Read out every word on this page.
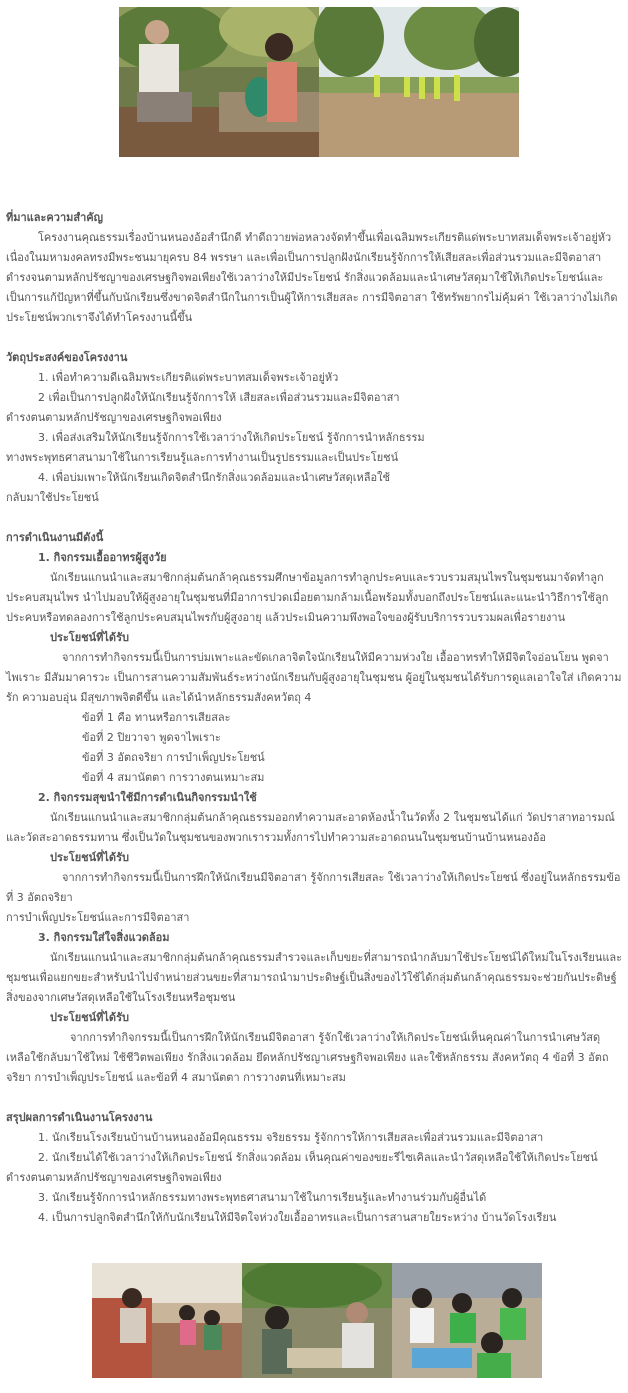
ที่มาและความสำคัญ
โครงงานคุณธรรมเรื่องบ้านหนองอ้อสำนึกดี ทำดีถวายพ่อหลวงจัดทำขึ้นเพื่อเฉลิมพระเกียรติแด่พระบาทสมเด็จพระเจ้าอยู่หัว เนื่องในมหามงคลทรงมีพระชนมายุครบ 84 พรรษา และเพื่อเป็นการปลูกฝังนักเรียนรู้จักการให้เสียสละเพื่อส่วนรวมและมีจิตอาสา ดำรงจนตามหลักปรัชญาของเศรษฐกิจพอเพียงใช้เวลาว่างให้มีประโยชน์ รักสิ่งแวดล้อมและนำเศษวัสดุมาใช้ให้เกิดประโยชน์และเป็นการแก้ปัญหาที่ขึ้นกับนักเรียนซึ่งขาดจิตสำนึกในการเป็นผู้ให้การเสียสละ การมีจิตอาสา ใช้ทรัพยากรไม่คุ้มค่า ใช้เวลาว่างไม่เกิดประโยชน์พวกเราจึงได้ทำโครงงานนี้ขึ้น
วัตถุประสงค์ของโครงงาน
1. เพื่อทำความดีเฉลิมพระเกียรติแด่พระบาทสมเด็จพระเจ้าอยู่หัว
2 เพื่อเป็นการปลูกฝังให้นักเรียนรู้จักการให้ เสียสละเพื่อส่วนรวมและมีจิตอาสา
ดำรงตนตามหลักปรัชญาของเศรษฐกิจพอเพียง
3. เพื่อส่งเสริมให้นักเรียนรู้จักการใช้เวลาว่างให้เกิดประโยชน์ รู้จักการนำหลักธรรม
ทางพระพุทธศาสนามาใช้ในการเรียนรู้และการทำงานเป็นรูปธรรมและเป็นประโยชน์
4. เพื่อบ่มเพาะให้นักเรียนเกิดจิตสำนึกรักสิ่งแวดล้อมและนำเศษวัสดุเหลือใช้
กลับมาใช้ประโยชน์
การดำเนินงานมีดังนี้
1. กิจกรรมเอื้ออาทรผู้สูงวัย
นักเรียนแกนนำและสมาชิกกลุ่มต้นกล้าคุณธรรมศึกษาข้อมูลการทำลูกประคบและรวบรวมสมุนไพรในชุมชนมาจัดทำลูกประคบสมุนไพร นำไปมอบให้ผู้สูงอายุในชุมชนที่มีอาการปวดเมื่อยตามกล้ามเนื้อพร้อมทั้งบอกถึงประโยชน์และแนะนำวิธีการใช้ลูกประคบหรือทดลองการใช้ลูกประคบสมุนไพรกับผู้สูงอายุ แล้วประเมินความพึงพอใจของผู้รับบริการรวบรวมผลเพื่อรายงาน
ประโยชน์ที่ได้รับ
จากการทำกิจกรรมนี้เป็นการบ่มเพาะและขัดเกลาจิตใจนักเรียนให้มีความห่วงใย เอื้ออาทรทำให้มีจิตใจอ่อนโยน พูดจาไพเราะ มีสัมมาคารวะ เป็นการสานความสัมพันธ์ระหว่างนักเรียนกับผู้สูงอายุในชุมชน ผู้อยู่ในชุมชนได้รับการดูแลเอาใจใส่ เกิดความรัก ความอบอุ่น มีสุขภาพจิตดีขึ้น และได้นำหลักธรรมสังคหวัตถุ 4
ข้อที่ 1 คือ ทานหรือการเสียสละ
ข้อที่ 2 ปิยวาจา พูดจาไพเราะ
ข้อที่ 3 อัตถจริยา การบำเพ็ญประโยชน์
ข้อที่ 4 สมานัตตา การวางตนเหมาะสม
2. กิจกรรมสุขนำใช้มีการดำเนินกิจกรรมนำใช้
นักเรียนแกนนำและสมาชิกกลุ่มต้นกล้าคุณธรรมออกทำความสะอาดห้องน้ำในวัดทั้ง 2 ในชุมชนได้แก่ วัดปราสาทอารมณ์ และวัดสะอาดธรรมทาน ซึ่งเป็นวัดในชุมชนของพวกเรารวมทั้งการไปทำความสะอาดถนนในชุมชนบ้านบ้านหนองอ้อ
ประโยชน์ที่ได้รับ
จากการทำกิจกรรมนี้เป็นการฝึกให้นักเรียนมีจิตอาสา รู้จักการเสียสละ ใช้เวลาว่างให้เกิดประโยชน์ ซึ่งอยู่ในหลักธรรมข้อที่ 3 อัตถจริยา
การบำเพ็ญประโยชน์และการมีจิตอาสา
3. กิจกรรมใส่ใจสิ่งแวดล้อม
นักเรียนแกนนำและสมาชิกกลุ่มต้นกล้าคุณธรรมสำรวจและเก็บขยะที่สามารถนำกลับมาใช้ประโยชน์ได้ใหม่ในโรงเรียนและชุมชนเพื่อแยกขยะสำหรับนำไปจำหน่ายส่วนขยะที่สามารถนำมาประดิษฐ์เป็นสิ่งของไว้ใช้ได้กลุ่มต้นกล้าคุณธรรมจะช่วยกันประดิษฐ์สิ่งของจากเศษวัสดุเหลือใช้ในโรงเรียนหรือชุมชน
ประโยชน์ที่ได้รับ
จากการทำกิจกรรมนี้เป็นการฝึกให้นักเรียนมีจิตอาสา รู้จักใช้เวลาว่างให้เกิดประโยชน์เห็นคุณค่าในการนำเศษวัสดุเหลือใช้กลับมาใช้ใหม่ ใช้ชีวิตพอเพียง รักสิ่งแวดล้อม ยึดหลักปรัชญาเศรษฐกิจพอเพียง และใช้หลักธรรม สังคหวัตถุ 4 ข้อที่ 3 อัตถจริยา การบำเพ็ญประโยชน์ และข้อที่ 4 สมานัตตา การวางตนที่เหมาะสม
สรุปผลการดำเนินงานโครงงาน
1. นักเรียนโรงเรียนบ้านบ้านหนองอ้อมีคุณธรรม จริยธรรม รู้จักการให้การเสียสละเพื่อส่วนรวมและมีจิตอาสา
2. นักเรียนได้ใช้เวลาว่างให้เกิดประโยชน์ รักสิ่งแวดล้อม เห็นคุณค่าของขยะรีไซเคิลและนำวัสดุเหลือใช้ให้เกิดประโยชน์
ดำรงตนตามหลักปรัชญาของเศรษฐกิจพอเพียง
3. นักเรียนรู้จักการนำหลักธรรมทางพระพุทธศาสนามาใช้ในการเรียนรู้และทำงานร่วมกับผู้อื่นได้
4. เป็นการปลูกจิตสำนึกให้กับนักเรียนให้มีจิตใจห่วงใยเอื้ออาทรและเป็นการสานสายใยระหว่าง บ้านวัดโรงเรียน
